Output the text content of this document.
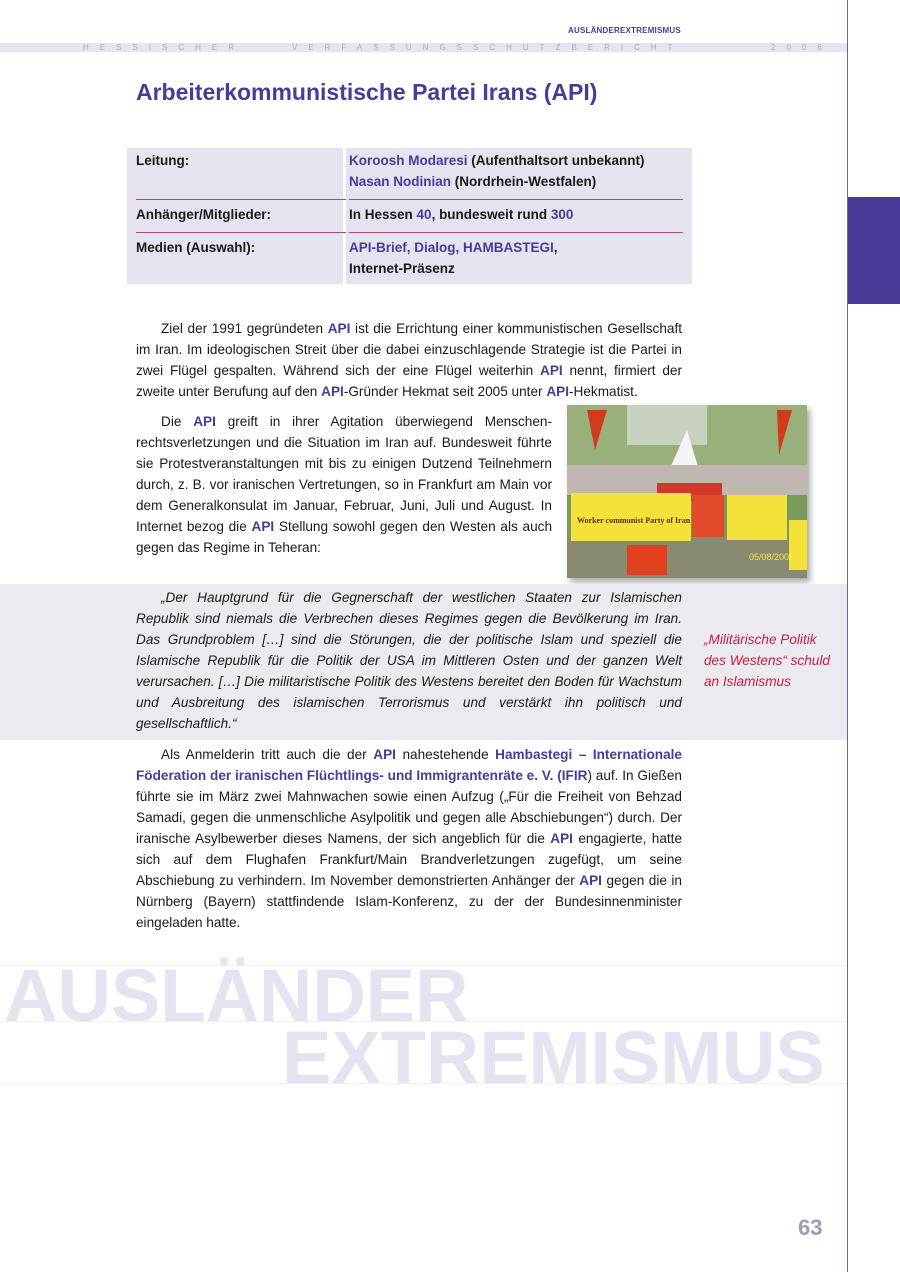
AUSLÄNDEREXTREMISMUS
HESSISCHER	VERFASSUNGSSCHUTZBERICHT	2006
Arbeiterkommunistische Partei Irans (API)
Leitung:	Koroosh Modaresi (Aufenthaltsort unbekannt)
Nasan Nodinian (Nordrhein-Westfalen)
Anhänger/Mitglieder:	In Hessen 40, bundesweit rund 300
Medien (Auswahl):	API-Brief, Dialog, HAMBASTEGI,
Internet-Präsenz
Ziel der 1991 gegründeten API ist die Errichtung einer kommunistischen Gesellschaft im Iran. Im ideologischen Streit über die dabei einzuschlagende Strategie ist die Partei in zwei Flügel gespalten. Während sich der eine Flügel weiterhin API nennt, firmiert der zweite unter Berufung auf den API-Gründer Hekmat seit 2005 unter API-Hekmatist.
Worker communist Party of Iran
05/08/2005
Die API greift in ihrer Agitation überwiegend Menschenrechtsverletzungen und die Situation im Iran auf. Bundesweit führte sie Protestveranstaltungen mit bis zu einigen Dutzend Teilnehmern durch, z. B. vor iranischen Vertretungen, so in Frankfurt am Main vor dem Generalkonsulat im Januar, Februar, Juni, Juli und August. In Internet bezog die API Stellung sowohl gegen den Westen als auch gegen das Regime in Teheran:
„Der Hauptgrund für die Gegnerschaft der westlichen Staaten zur Islamischen Republik sind niemals die Verbrechen dieses Regimes gegen die Bevölkerung im Iran. Das Grundproblem […] sind die Störungen, die der politische Islam und speziell die Islamische Republik für die Politik der USA im Mittleren Osten und der ganzen Welt verursachen. […] Die militaristische Politik des Westens bereitet den Boden für Wachstum und Ausbreitung des islamischen Terrorismus und verstärkt ihn politisch und gesellschaftlich.“
„Militärische Politik des Westens“ schuld an Islamismus
Als Anmelderin tritt auch die der API nahestehende Hambastegi – Internationale Föderation der iranischen Flüchtlings- und Immigrantenräte e. V. (IFIR) auf. In Gießen führte sie im März zwei Mahnwachen sowie einen Aufzug („Für die Freiheit von Behzad Samadi, gegen die unmenschliche Asylpolitik und gegen alle Abschiebungen“) durch. Der iranische Asylbewerber dieses Namens, der sich angeblich für die API engagierte, hatte sich auf dem Flughafen Frankfurt/Main Brandverletzungen zugefügt, um seine Abschiebung zu verhindern. Im November demonstrierten Anhänger der API gegen die in Nürnberg (Bayern) stattfindende Islam-Konferenz, zu der der Bundesinnenminister eingeladen hatte.
AUSLÄNDER
EXTREMISMUS
63
